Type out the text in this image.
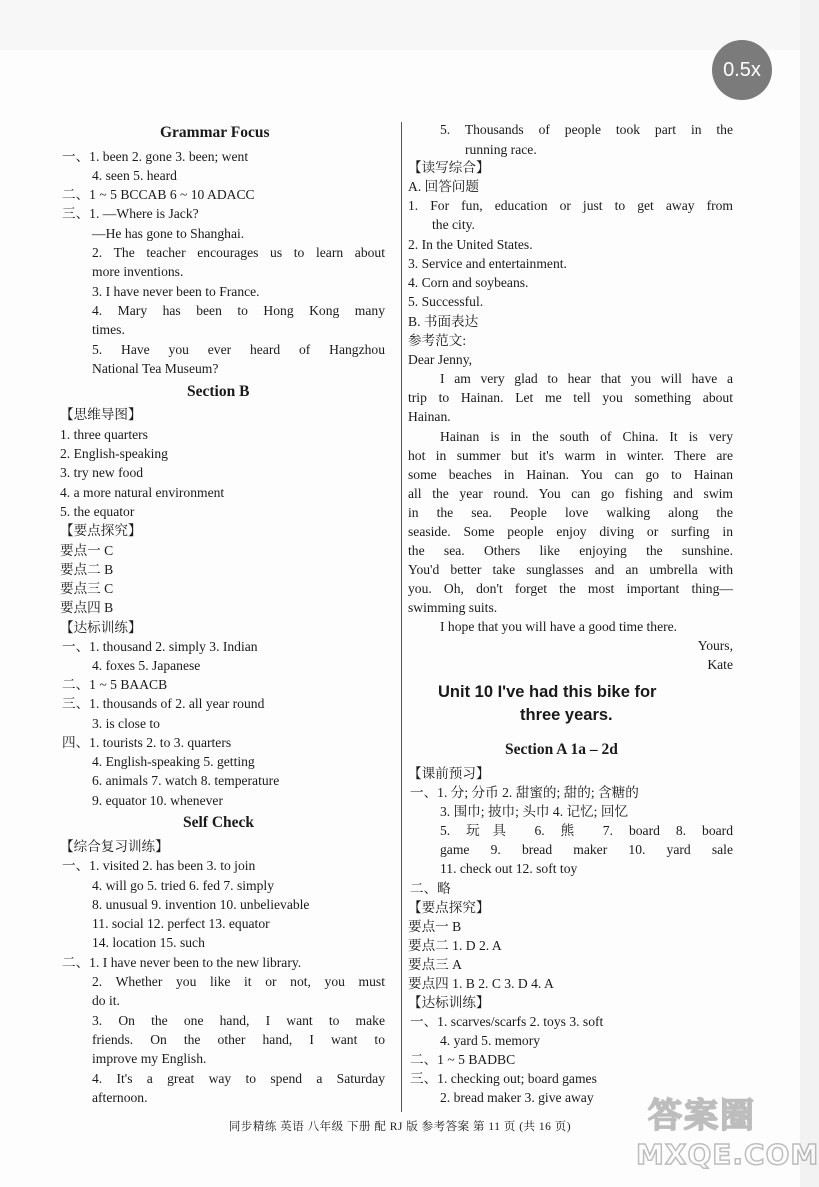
0.5x
Grammar Focus
一、1. been 2. gone 3. been; went
4. seen 5. heard
二、1 ~ 5 BCCAB 6 ~ 10 ADACC
三、1. —Where is Jack?
—He has gone to Shanghai.
2. The teacher encourages us to learn about
more inventions.
3. I have never been to France.
4. Mary has been to Hong Kong many
times.
5. Have you ever heard of Hangzhou
National Tea Museum?
Section B
【思维导图】
1. three quarters
2. English-speaking
3. try new food
4. a more natural environment
5. the equator
【要点探究】
要点一 C
要点二 B
要点三 C
要点四 B
【达标训练】
一、1. thousand 2. simply 3. Indian
4. foxes 5. Japanese
二、1 ~ 5 BAACB
三、1. thousands of 2. all year round
3. is close to
四、1. tourists 2. to 3. quarters
4. English-speaking 5. getting
6. animals 7. watch 8. temperature
9. equator 10. whenever
Self Check
【综合复习训练】
一、1. visited 2. has been 3. to join
4. will go 5. tried 6. fed 7. simply
8. unusual 9. invention 10. unbelievable
11. social 12. perfect 13. equator
14. location 15. such
二、1. I have never been to the new library.
2. Whether you like it or not, you must
do it.
3. On the one hand, I want to make
friends. On the other hand, I want to
improve my English.
4. It's a great way to spend a Saturday
afternoon.
5. Thousands of people took part in the
running race.
【读写综合】
A. 回答问题
1. For fun, education or just to get away from
the city.
2. In the United States.
3. Service and entertainment.
4. Corn and soybeans.
5. Successful.
B. 书面表达
参考范文:
Dear Jenny,
I am very glad to hear that you will have a
trip to Hainan. Let me tell you something about
Hainan.
Hainan is in the south of China. It is very
hot in summer but it's warm in winter. There are
some beaches in Hainan. You can go to Hainan
all the year round. You can go fishing and swim
in the sea. People love walking along the
seaside. Some people enjoy diving or surfing in
the sea. Others like enjoying the sunshine.
You'd better take sunglasses and an umbrella with
you. Oh, don't forget the most important thing—
swimming suits.
I hope that you will have a good time there.
Yours,
Kate
Unit 10 I've had this bike for
three years.
Section A 1a – 2d
【课前预习】
一、1. 分; 分币 2. 甜蜜的; 甜的; 含糖的
3. 围巾; 披巾; 头巾 4. 记忆; 回忆
5. 玩具 6. 熊 7. board 8. board
game 9. bread maker 10. yard sale
11. check out 12. soft toy
二、略
【要点探究】
要点一 B
要点二 1. D 2. A
要点三 A
要点四 1. B 2. C 3. D 4. A
【达标训练】
一、1. scarves/scarfs 2. toys 3. soft
4. yard 5. memory
二、1 ~ 5 BADBC
三、1. checking out; board games
2. bread maker 3. give away
同步精练 英语 八年级 下册 配 RJ 版 参考答案 第 11 页 (共 16 页)	答案圈
MXQE.COM
